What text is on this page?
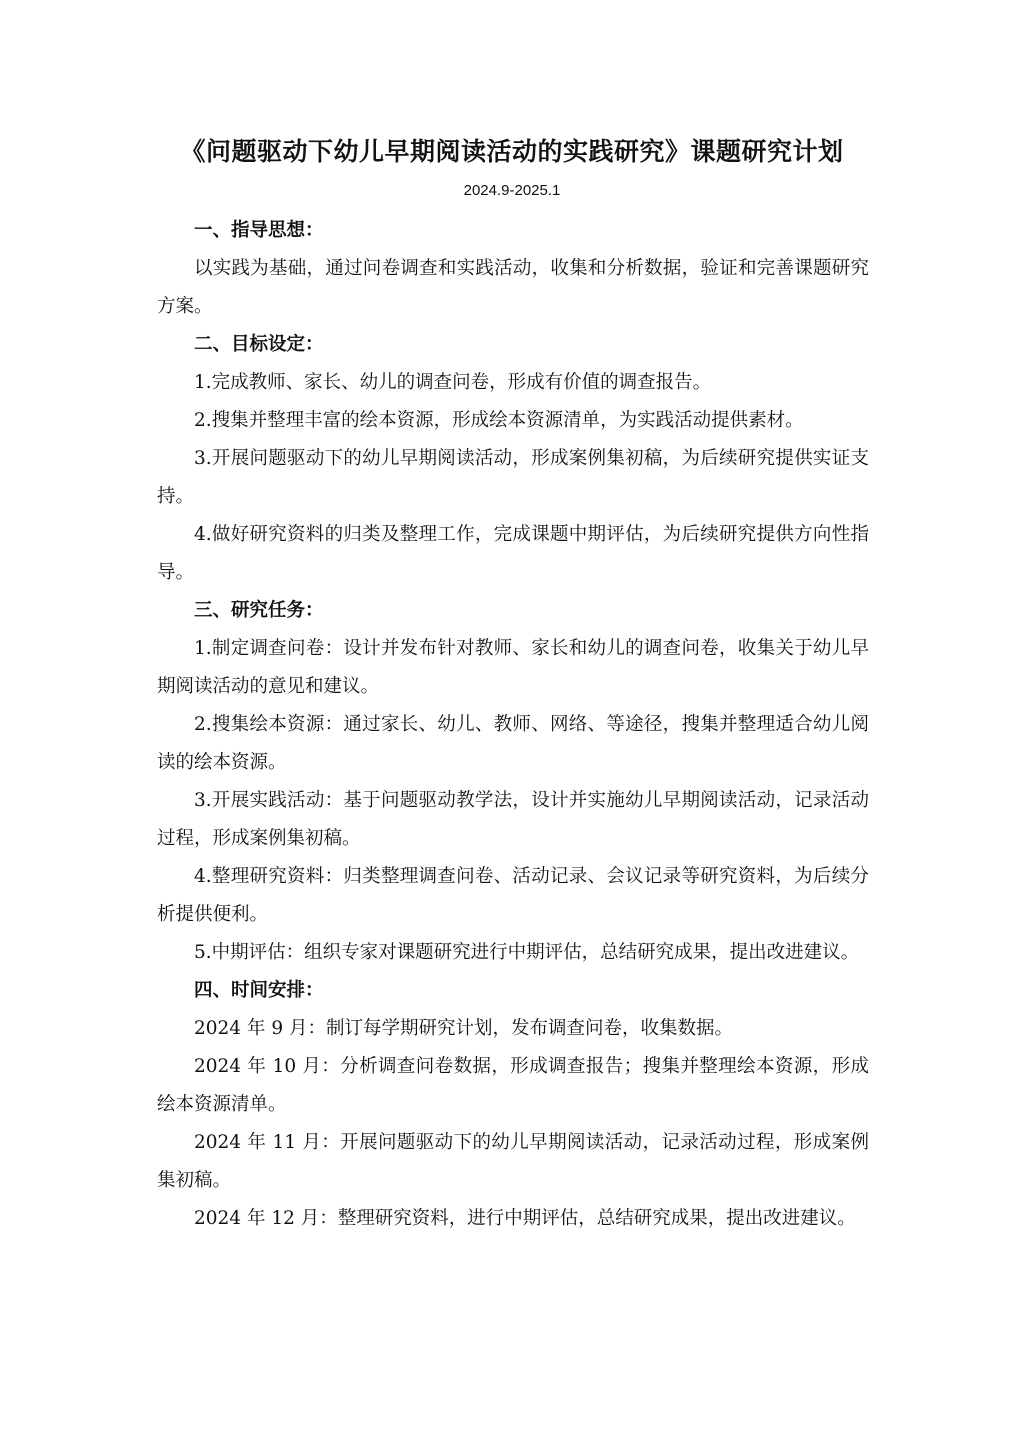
《问题驱动下幼儿早期阅读活动的实践研究》课题研究计划
2024.9-2025.1

一、指导思想：

以实践为基础，通过问卷调查和实践活动，收集和分析数据，验证和完善课题研究方案。

二、目标设定：

1.完成教师、家长、幼儿的调查问卷，形成有价值的调查报告。

2.搜集并整理丰富的绘本资源，形成绘本资源清单，为实践活动提供素材。

3.开展问题驱动下的幼儿早期阅读活动，形成案例集初稿，为后续研究提供实证支持。

4.做好研究资料的归类及整理工作，完成课题中期评估，为后续研究提供方向性指导。

三、研究任务：

1.制定调查问卷：设计并发布针对教师、家长和幼儿的调查问卷，收集关于幼儿早期阅读活动的意见和建议。

2.搜集绘本资源：通过家长、幼儿、教师、网络、等途径，搜集并整理适合幼儿阅读的绘本资源。

3.开展实践活动：基于问题驱动教学法，设计并实施幼儿早期阅读活动，记录活动过程，形成案例集初稿。

4.整理研究资料：归类整理调查问卷、活动记录、会议记录等研究资料，为后续分析提供便利。

5.中期评估：组织专家对课题研究进行中期评估，总结研究成果，提出改进建议。

四、时间安排：

2024 年 9 月：制订每学期研究计划，发布调查问卷，收集数据。

2024 年 10 月：分析调查问卷数据，形成调查报告；搜集并整理绘本资源，形成绘本资源清单。

2024 年 11 月：开展问题驱动下的幼儿早期阅读活动，记录活动过程，形成案例集初稿。

2024 年 12 月：整理研究资料，进行中期评估，总结研究成果，提出改进建议。
